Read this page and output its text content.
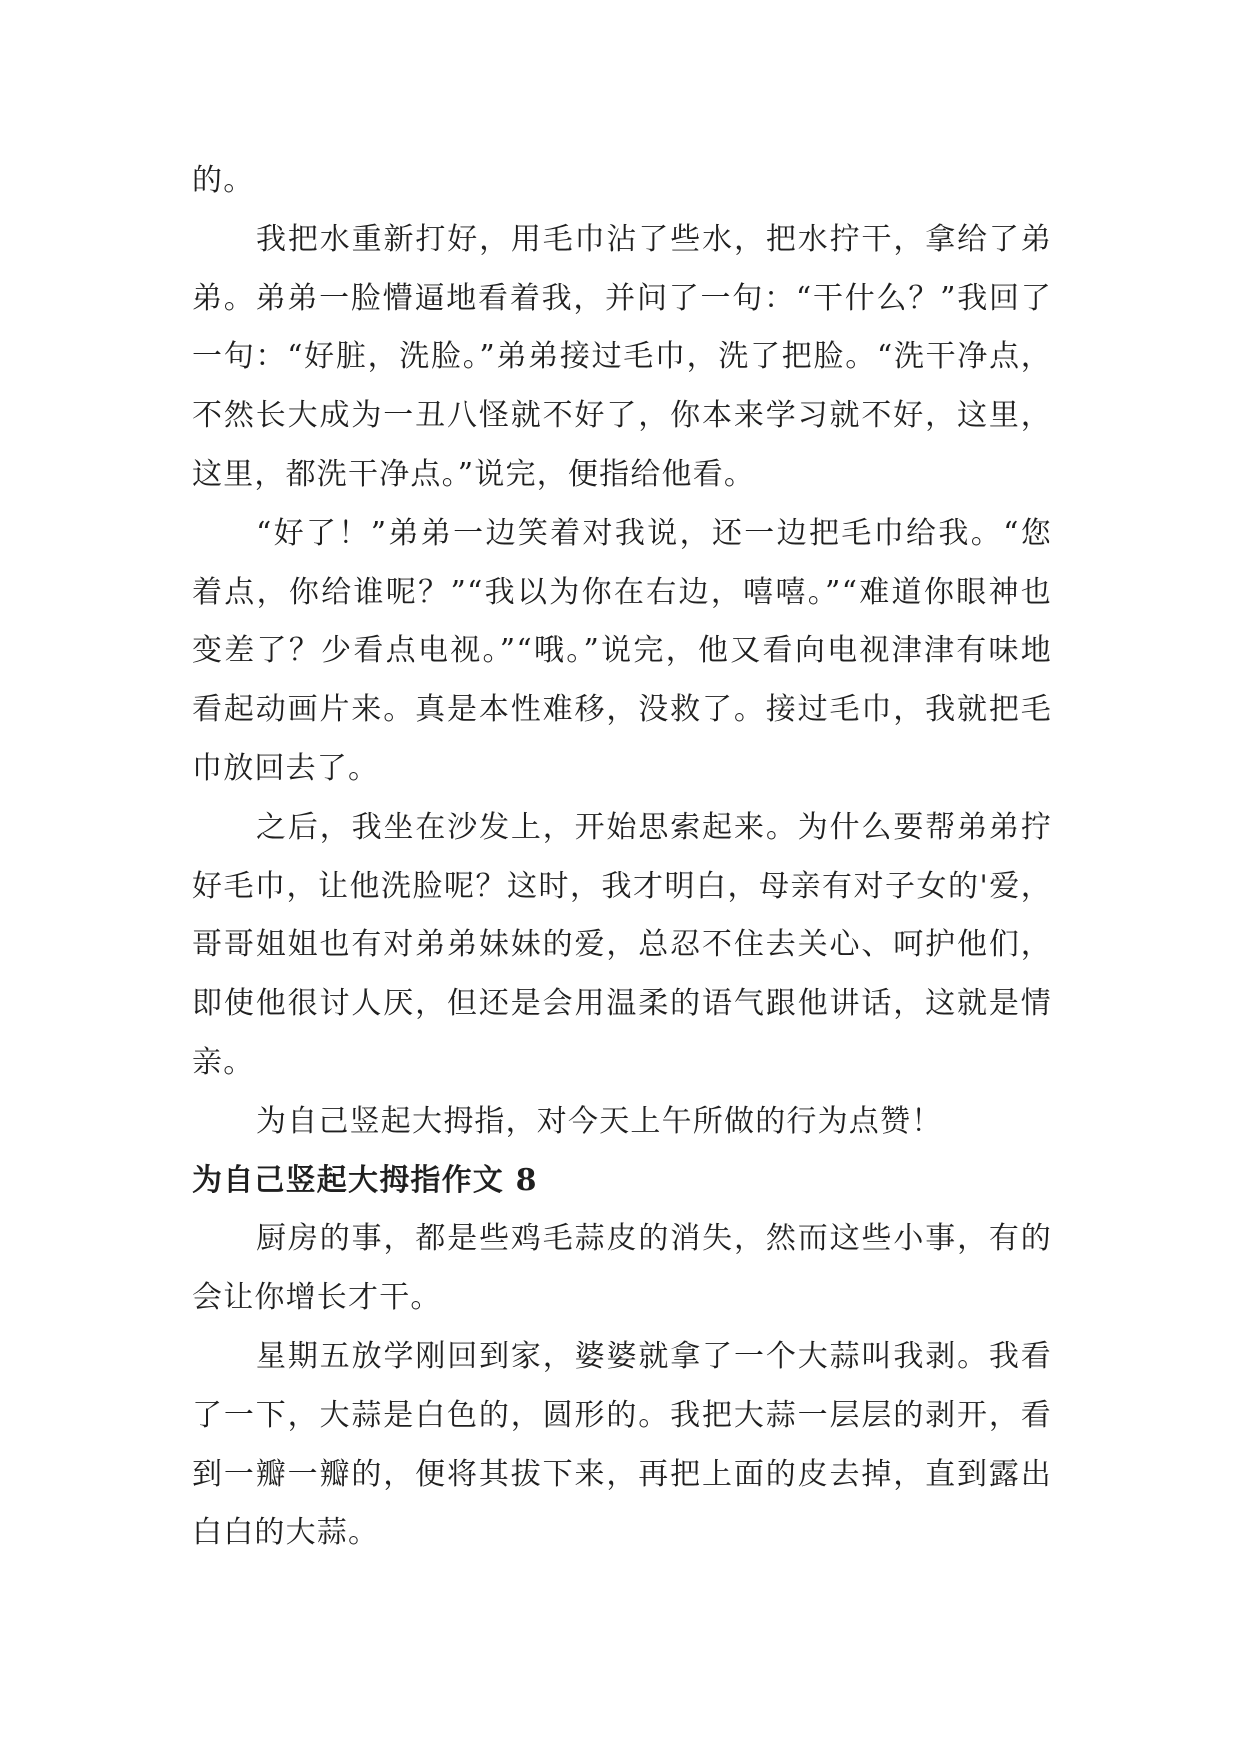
的。

我把水重新打好，用毛巾沾了些水，把水拧干，拿给了弟弟。弟弟一脸懵逼地看着我，并问了一句：“干什么？”我回了一句：“好脏，洗脸。”弟弟接过毛巾，洗了把脸。“洗干净点，不然长大成为一丑八怪就不好了，你本来学习就不好，这里，这里，都洗干净点。”说完，便指给他看。

“好了！”弟弟一边笑着对我说，还一边把毛巾给我。“您着点，你给谁呢？”“我以为你在右边，嘻嘻。”“难道你眼神也变差了？少看点电视。”“哦。”说完，他又看向电视津津有味地看起动画片来。真是本性难移，没救了。接过毛巾，我就把毛巾放回去了。

之后，我坐在沙发上，开始思索起来。为什么要帮弟弟拧好毛巾，让他洗脸呢？这时，我才明白，母亲有对子女的'爱，哥哥姐姐也有对弟弟妹妹的爱，总忍不住去关心、呵护他们，即使他很讨人厌，但还是会用温柔的语气跟他讲话，这就是情亲。

为自己竖起大拇指，对今天上午所做的行为点赞！

为自己竖起大拇指作文 8

厨房的事，都是些鸡毛蒜皮的消失，然而这些小事，有的会让你增长才干。

星期五放学刚回到家，婆婆就拿了一个大蒜叫我剥。我看了一下，大蒜是白色的，圆形的。我把大蒜一层层的剥开，看到一瓣一瓣的，便将其拔下来，再把上面的皮去掉，直到露出白白的大蒜。
